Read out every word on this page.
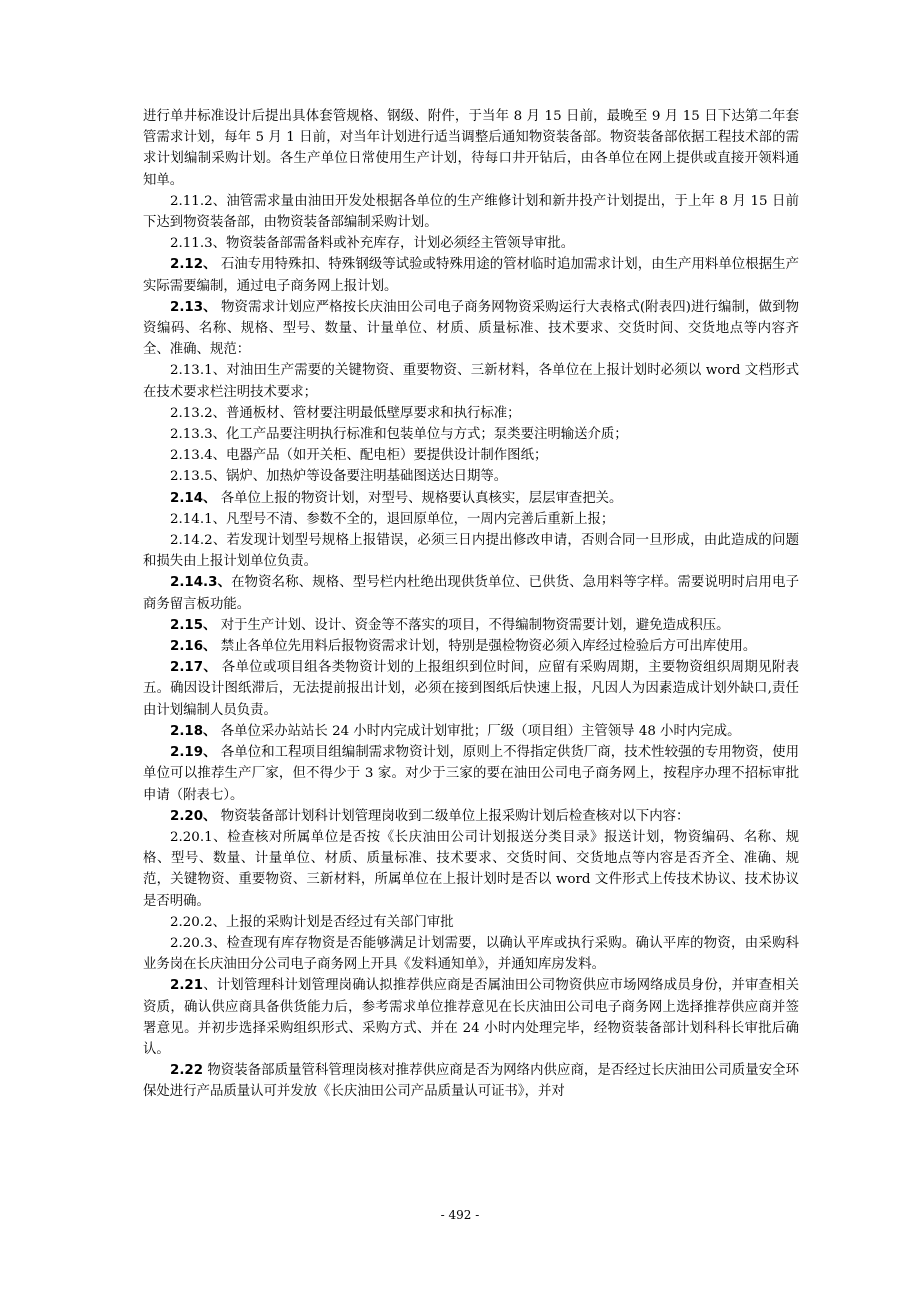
进行单井标准设计后提出具体套管规格、钢级、附件，于当年 8 月 15 日前，最晚至 9 月 15 日下达第二年套管需求计划，每年 5 月 1 日前，对当年计划进行适当调整后通知物资装备部。物资装备部依据工程技术部的需求计划编制采购计划。各生产单位日常使用生产计划，待每口井开钻后，由各单位在网上提供或直接开领料通知单。

2.11.2、油管需求量由油田开发处根据各单位的生产维修计划和新井投产计划提出，于上年 8 月 15 日前下达到物资装备部，由物资装备部编制采购计划。

2.11.3、物资装备部需备料或补充库存，计划必须经主管领导审批。

2.12、 石油专用特殊扣、特殊钢级等试验或特殊用途的管材临时追加需求计划，由生产用料单位根据生产实际需要编制，通过电子商务网上报计划。

2.13、 物资需求计划应严格按长庆油田公司电子商务网物资采购运行大表格式(附表四)进行编制，做到物资编码、名称、规格、型号、数量、计量单位、材质、质量标准、技术要求、交货时间、交货地点等内容齐全、准确、规范：

2.13.1、对油田生产需要的关键物资、重要物资、三新材料，各单位在上报计划时必须以 word 文档形式在技术要求栏注明技术要求；

2.13.2、普通板材、管材要注明最低壁厚要求和执行标准；

2.13.3、化工产品要注明执行标准和包装单位与方式；泵类要注明输送介质；

2.13.4、电器产品（如开关柜、配电柜）要提供设计制作图纸；

2.13.5、锅炉、加热炉等设备要注明基础图送达日期等。

2.14、 各单位上报的物资计划，对型号、规格要认真核实，层层审查把关。

2.14.1、凡型号不清、参数不全的，退回原单位，一周内完善后重新上报；

2.14.2、若发现计划型号规格上报错误，必须三日内提出修改申请，否则合同一旦形成，由此造成的问题和损失由上报计划单位负责。

2.14.3、在物资名称、规格、型号栏内杜绝出现供货单位、已供货、急用料等字样。需要说明时启用电子商务留言板功能。

2.15、 对于生产计划、设计、资金等不落实的项目，不得编制物资需要计划，避免造成积压。

2.16、 禁止各单位先用料后报物资需求计划，特别是强检物资必须入库经过检验后方可出库使用。

2.17、 各单位或项目组各类物资计划的上报组织到位时间，应留有采购周期，主要物资组织周期见附表五。确因设计图纸滞后，无法提前报出计划，必须在接到图纸后快速上报，凡因人为因素造成计划外缺口,责任由计划编制人员负责。

2.18、 各单位采办站站长 24 小时内完成计划审批；厂级（项目组）主管领导 48 小时内完成。

2.19、 各单位和工程项目组编制需求物资计划，原则上不得指定供货厂商，技术性较强的专用物资，使用单位可以推荐生产厂家，但不得少于 3 家。对少于三家的要在油田公司电子商务网上，按程序办理不招标审批申请（附表七）。

2.20、 物资装备部计划科计划管理岗收到二级单位上报采购计划后检查核对以下内容：

2.20.1、检查核对所属单位是否按《长庆油田公司计划报送分类目录》报送计划，物资编码、名称、规格、型号、数量、计量单位、材质、质量标准、技术要求、交货时间、交货地点等内容是否齐全、准确、规范，关键物资、重要物资、三新材料，所属单位在上报计划时是否以 word 文件形式上传技术协议、技术协议是否明确。

2.20.2、上报的采购计划是否经过有关部门审批

2.20.3、检查现有库存物资是否能够满足计划需要，以确认平库或执行采购。确认平库的物资，由采购科业务岗在长庆油田分公司电子商务网上开具《发料通知单》，并通知库房发料。

2.21、计划管理科计划管理岗确认拟推荐供应商是否属油田公司物资供应市场网络成员身份，并审查相关资质，确认供应商具备供货能力后，参考需求单位推荐意见在长庆油田公司电子商务网上选择推荐供应商并签署意见。并初步选择采购组织形式、采购方式、并在 24 小时内处理完毕，经物资装备部计划科科长审批后确认。

2.22 物资装备部质量管科管理岗核对推荐供应商是否为网络内供应商，是否经过长庆油田公司质量安全环保处进行产品质量认可并发放《长庆油田公司产品质量认可证书》，并对

- 492 -
